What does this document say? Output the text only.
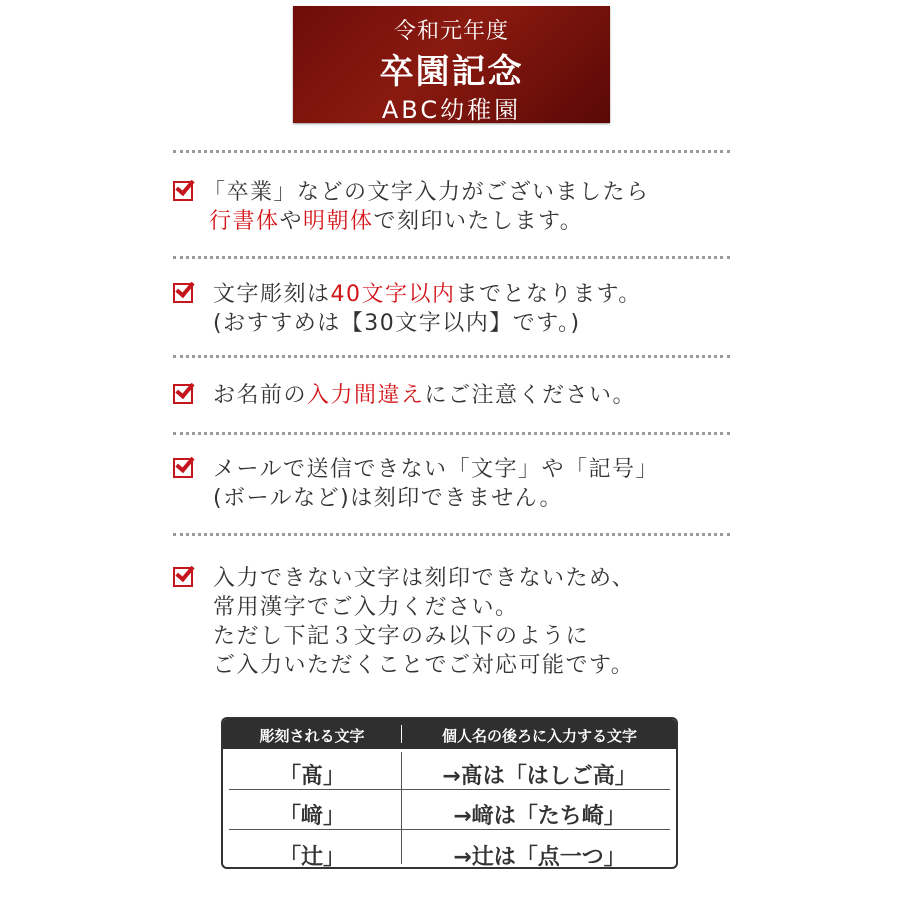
令和元年度
卒園記念
ABC幼稚園
「卒業」などの文字入力がございましたら
行書体や明朝体で刻印いたします。
文字彫刻は40文字以内までとなります。
(おすすめは【30文字以内】です。)
お名前の入力間違えにご注意ください。
メールで送信できない「文字」や「記号」
(ボールなど)は刻印できません。
入力できない文字は刻印できないため、
常用漢字でご入力ください。
ただし下記３文字のみ以下のように
ご入力いただくことでご対応可能です。
彫刻される文字	個人名の後ろに入力する文字
「髙」	→髙は「はしご高」
「﨑」	→﨑は「たち崎」
「辻」	→辻は「点一つ」
